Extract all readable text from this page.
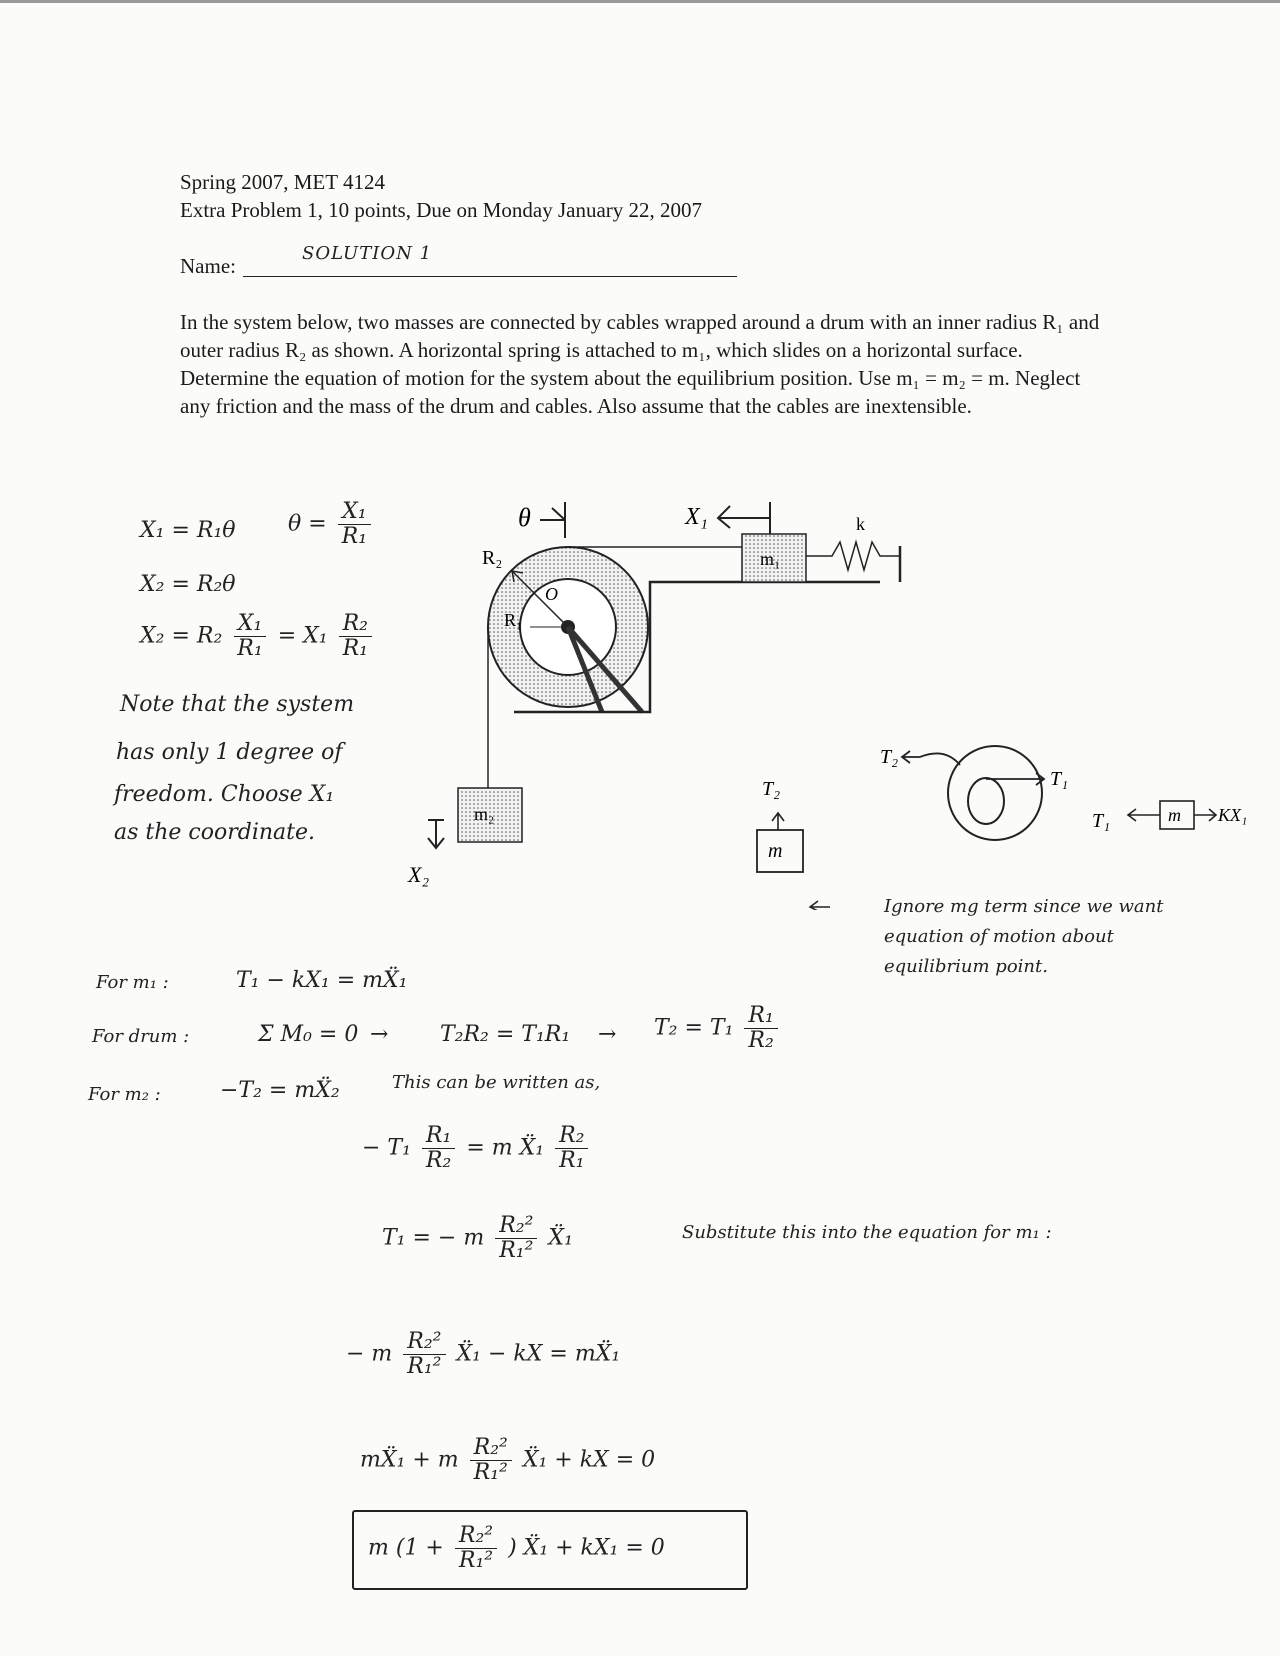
Spring 2007, MET 4124
Extra Problem 1, 10 points, Due on Monday January 22, 2007
Name:
SOLUTION 1
In the system below, two masses are connected by cables wrapped around a drum with an inner radius R₁ and outer radius R₂ as shown. A horizontal spring is attached to m₁, which slides on a horizontal surface. Determine the equation of motion for the system about the equilibrium position. Use m₁ = m₂ = m. Neglect any friction and the mass of the drum and cables. Also assume that the cables are inextensible.
X₁ = R₁θ $\theta = \frac{\text{X₁}}{\text{R₁}}$
X₂ = R₂θ
$X_2 = R_2 \frac{\text{X₁}}{\text{R₁}} = X_1 \frac{\text{R₂}}{\text{R₁}}$
Note that the system
has only 1 degree of
freedom. Choose X₁
as the coordinate.
θ	X₁
R₂
R₁
O
m₁
k
m₂
X₂
T₂
T₁
T₂
m
T₁	m KX₁
Ignore mg term since we want
equation of motion about
equilibrium point.
For m₁ :	T₁ − kX₁ = mẌ₁
For drum :	Σ $M_0 = 0 \to T_2R_2 = T_1R_1 \to T_2 = T_1 \frac{\text{R₁}}{\text{R₂}}$
For m₂ :	−T₂ = mẌ₂	This can be written as,
− $T_1 \frac{\text{R₁}}{\text{R₂}} = m$ Ẍ₁ $\frac{\text{R₂}}{\text{R₁}}$
T₁ = − m $\frac{\text{R₂²}}{\text{R₁²}}$ Ẍ₁	Substitute this into the equation for m₁ :
− m $\frac{\text{R₂²}}{\text{R₁²}}$ Ẍ₁ − kX = mẌ₁
mẌ₁ + m $\frac{\text{R₂²}}{\text{R₁²}}$ Ẍ₁ + kX = 0
m ($1 + \frac{\text{R₂²}}{\text{R₁²}}$ ) Ẍ₁ + kX₁ = 0
